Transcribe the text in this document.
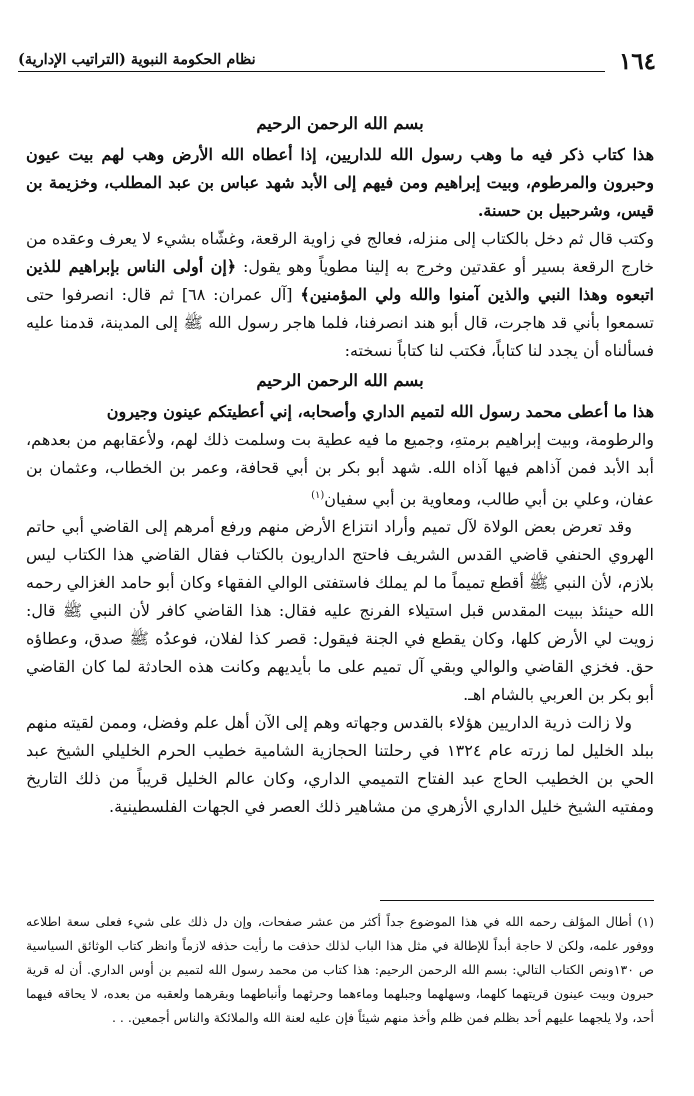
١٦٤
نظام الحكومة النبوية (التراتيب الإدارية)
بسم الله الرحمن الرحيم

هذا كتاب ذكر فيه ما وهب رسول الله للداريين، إذا أعطاه الله الأرض وهب لهم بيت عيون وحبرون والمرطوم، وبيت إبراهيم ومن فيهم إلى الأبد شهد عباس بن عبد المطلب، وخزيمة بن قيس، وشرحبيل بن حسنة.

وكتب قال ثم دخل بالكتاب إلى منزله، فعالج في زاوية الرقعة، وغشّاه بشيء لا يعرف وعقده من خارج الرقعة بسير أو عقدتين وخرج به إلينا مطوياً وهو يقول: ﴿إن أولى الناس بإبراهيم للذين اتبعوه وهذا النبي والذين آمنوا والله ولي المؤمنين﴾ [آل عمران: ٦٨] ثم قال: انصرفوا حتى تسمعوا بأني قد هاجرت، قال أبو هند انصرفنا، فلما هاجر رسول الله ﷺ إلى المدينة، قدمنا عليه فسألناه أن يجدد لنا كتاباً، فكتب لنا كتاباً نسخته:

بسم الله الرحمن الرحيم

هذا ما أعطى محمد رسول الله لتميم الداري وأصحابه، إني أعطيتكم عينون وجيرون

والرطومة، وبيت إبراهيم برمتهِ، وجميع ما فيه عطية بت وسلمت ذلك لهم، ولأعقابهم من بعدهم، أبد الأبد فمن آذاهم فيها آذاه الله. شهد أبو بكر بن أبي قحافة، وعمر بن الخطاب، وعثمان بن عفان، وعلي بن أبي طالب، ومعاوية بن أبي سفيان$^{(١)}$

وقد تعرض بعض الولاة لآل تميم وأراد انتزاع الأرض منهم ورفع أمرهم إلى القاضي أبي حاتم الهروي الحنفي قاضي القدس الشريف فاحتج الداريون بالكتاب فقال القاضي هذا الكتاب ليس بلازم، لأن النبي ﷺ أقطع تميماً ما لم يملك فاستفتى الوالي الفقهاء وكان أبو حامد الغزالي رحمه الله حينئذ ببيت المقدس قبل استيلاء الفرنج عليه فقال: هذا القاضي كافر لأن النبي ﷺ قال: زويت لي الأرض كلها، وكان يقطع في الجنة فيقول: قصر كذا لفلان، فوعدُه ﷺ صدق، وعطاؤه حق. فخزي القاضي والوالي وبقي آل تميم على ما بأيديهم وكانت هذه الحادثة لما كان القاضي أبو بكر بن العربي بالشام اهـ.

ولا زالت ذرية الداريين هؤلاء بالقدس وجهاته وهم إلى الآن أهل علم وفضل، وممن لقيته منهم ببلد الخليل لما زرته عام ١٣٢٤ في رحلتنا الحجازية الشامية خطيب الحرم الخليلي الشيخ عبد الحي بن الخطيب الحاج عبد الفتاح التميمي الداري، وكان عالم الخليل قريباً من ذلك التاريخ ومفتيه الشيخ خليل الداري الأزهري من مشاهير ذلك العصر في الجهات الفلسطينية.

(١) أطال المؤلف رحمه الله في هذا الموضوع جداً أكثر من عشر صفحات، وإن دل ذلك على شيء فعلى سعة اطلاعه ووفور علمه، ولكن لا حاجة أبداً للإطالة في مثل هذا الباب لذلك حذفت ما رأيت حذفه لازماً وانظر كتاب الوثائق السياسية ص ١٣٠ونص الكتاب التالي: بسم الله الرحمن الرحيم: هذا كتاب من محمد رسول الله لتميم بن أوس الداري. أن له قرية حبرون وبيت عينون قريتهما كلهما، وسهلهما وجبلهما وماءهما وحرثهما وأنباطهما وبقرهما ولعقبه من بعده، لا يحاقه فيهما أحد، ولا يلجهما عليهم أحد بظلم فمن ظلم وأخذ منهم شيئاً فإن عليه لعنة الله والملائكة والناس أجمعين. . .
